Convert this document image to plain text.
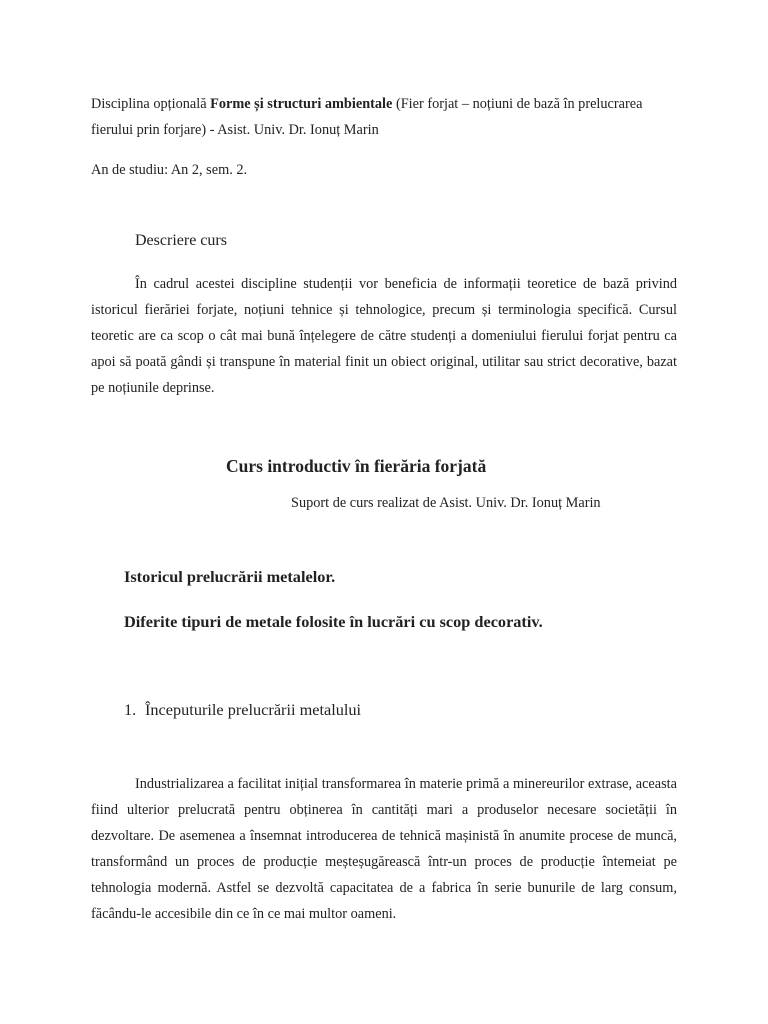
Disciplina opțională Forme și structuri ambientale (Fier forjat – noțiuni de bază în prelucrarea fierului prin forjare) - Asist. Univ. Dr. Ionuț Marin

An de studiu: An 2, sem. 2.

Descriere curs

În cadrul acestei discipline studenții vor beneficia de informații teoretice de bază privind istoricul fierăriei forjate, noțiuni tehnice și tehnologice, precum și terminologia specifică. Cursul teoretic are ca scop o cât mai bună înțelegere de către studenți a domeniului fierului forjat pentru ca apoi să poată gândi și transpune în material finit un obiect original, utilitar sau strict decorative, bazat pe noțiunile deprinse.

Curs introductiv în fierăria forjată

Suport de curs realizat de Asist. Univ. Dr. Ionuț Marin

Istoricul prelucrării metalelor.

Diferite tipuri de metale folosite în lucrări cu scop decorativ.

1. Începuturile prelucrării metalului

Industrializarea a facilitat inițial transformarea în materie primă a minereurilor extrase, aceasta fiind ulterior prelucrată pentru obținerea în cantități mari a produselor necesare societății în dezvoltare. De asemenea a însemnat introducerea de tehnică mașinistă în anumite procese de muncă, transformând un proces de producție meșteșugărească într-un proces de producție întemeiat pe tehnologia modernă. Astfel se dezvoltă capacitatea de a fabrica în serie bunurile de larg consum, făcându-le accesibile din ce în ce mai multor oameni.
